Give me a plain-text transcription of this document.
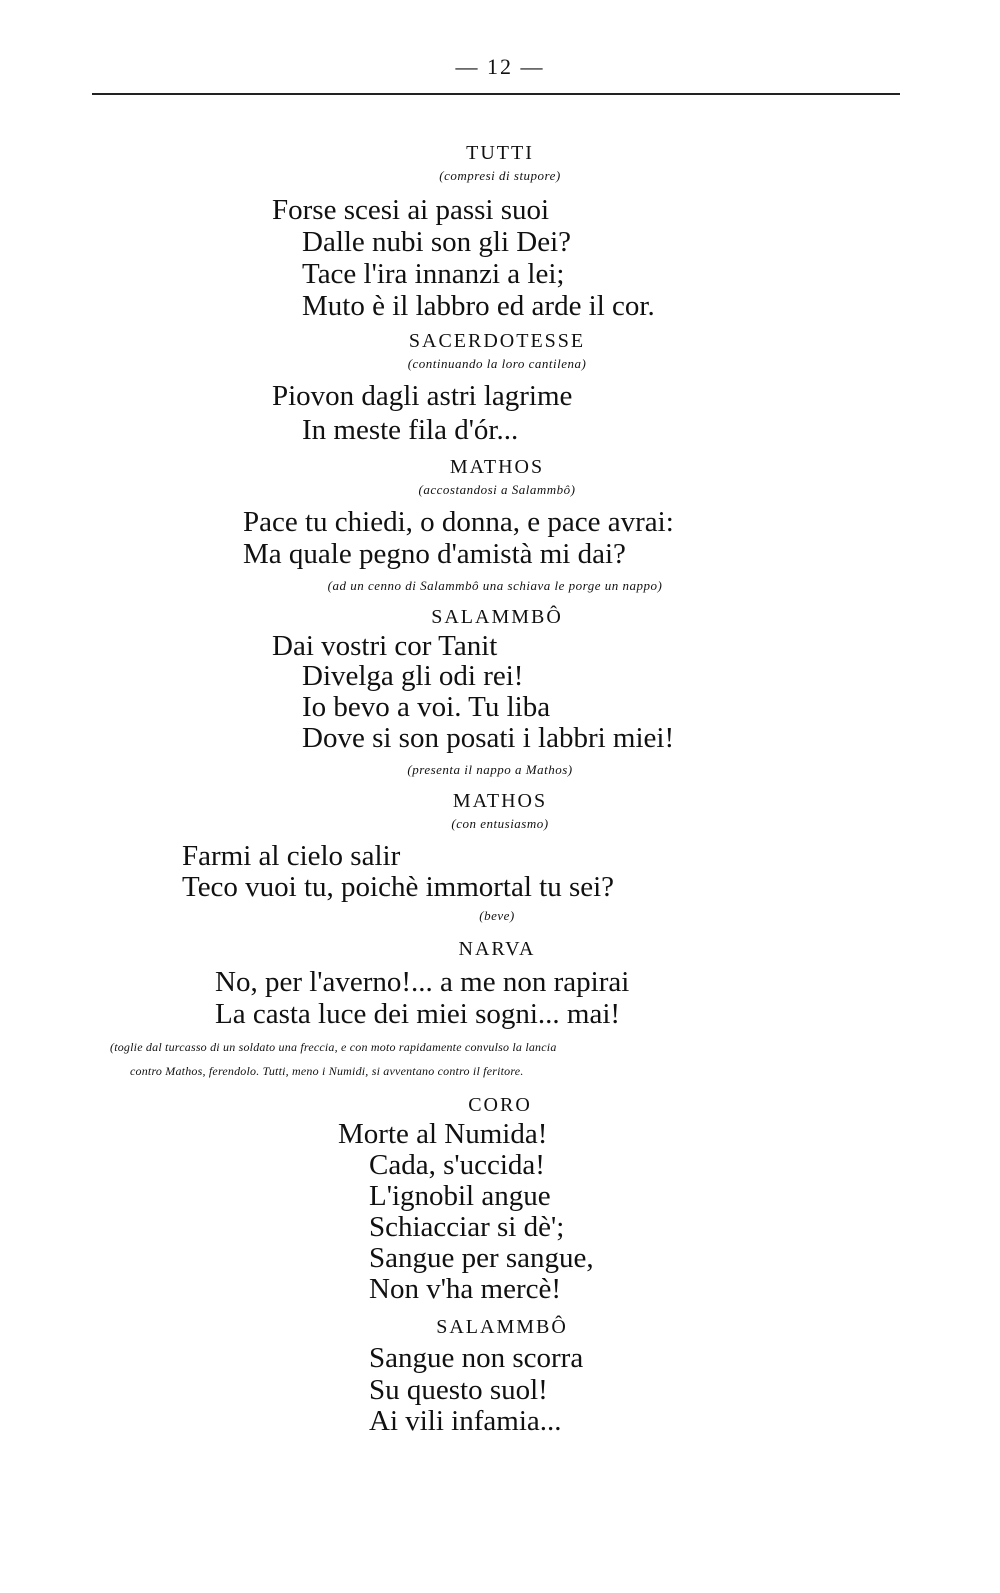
— 12 —
TUTTI
(compresi di stupore)
Forse scesi ai passi suoi
Dalle nubi son gli Dei?
Tace l'ira innanzi a lei;
Muto è il labbro ed arde il cor.
SACERDOTESSE
(continuando la loro cantilena)
Piovon dagli astri lagrime
In meste fila d'ór...
MATHOS
(accostandosi a Salammbô)
Pace tu chiedi, o donna, e pace avrai:
Ma quale pegno d'amistà mi dai?
(ad un cenno di Salammbô una schiava le porge un nappo)
SALAMMBÔ
Dai vostri cor Tanit
Divelga gli odi rei!
Io bevo a voi. Tu liba
Dove si son posati i labbri miei!
(presenta il nappo a Mathos)
MATHOS
(con entusiasmo)
Farmi al cielo salir
Teco vuoi tu, poichè immortal tu sei?
(beve)
NARVA
No, per l'averno!... a me non rapirai
La casta luce dei miei sogni... mai!
(toglie dal turcasso di un soldato una freccia, e con moto rapidamente convulso la lancia
contro Mathos, ferendolo. Tutti, meno i Numidi, si avventano contro il feritore.
CORO
Morte al Numida!
Cada, s'uccida!
L'ignobil angue
Schiacciar si dè';
Sangue per sangue,
Non v'ha mercè!
SALAMMBÔ
Sangue non scorra
Su questo suol!
Ai vili infamia...
